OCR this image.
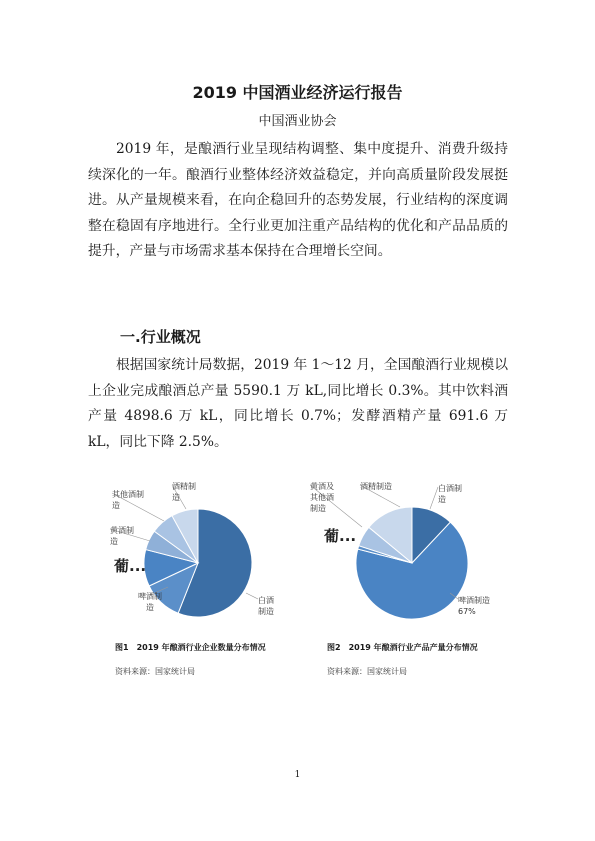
2019 中国酒业经济运行报告
中国酒业协会

2019 年，是酿酒行业呈现结构调整、集中度提升、消费升级持续深化的一年。酿酒行业整体经济效益稳定，并向高质量阶段发展挺进。从产量规模来看，在向企稳回升的态势发展，行业结构的深度调整在稳固有序地进行。全行业更加注重产品结构的优化和产品品质的提升，产量与市场需求基本保持在合理增长空间。

一.行业概况

根据国家统计局数据，2019 年 1～12 月，全国酿酒行业规模以上企业完成酿酒总产量 5590.1 万 kL,同比增长 0.3%。其中饮料酒产量 4898.6 万 kL，同比增长 0.7%；发酵酒精产量 691.6 万 kL，同比下降 2.5%。

白酒制造
啤酒制造
葡...
黄酒制造
其他酒制造
酒精制造
白酒制造
啤酒制造 67%
葡...
黄酒及其他酒制造
酒精制造
图1　2019 年酿酒行业企业数量分布情况	图2　2019 年酿酒行业产品产量分布情况
资料来源：国家统计局	资料来源：国家统计局
1
